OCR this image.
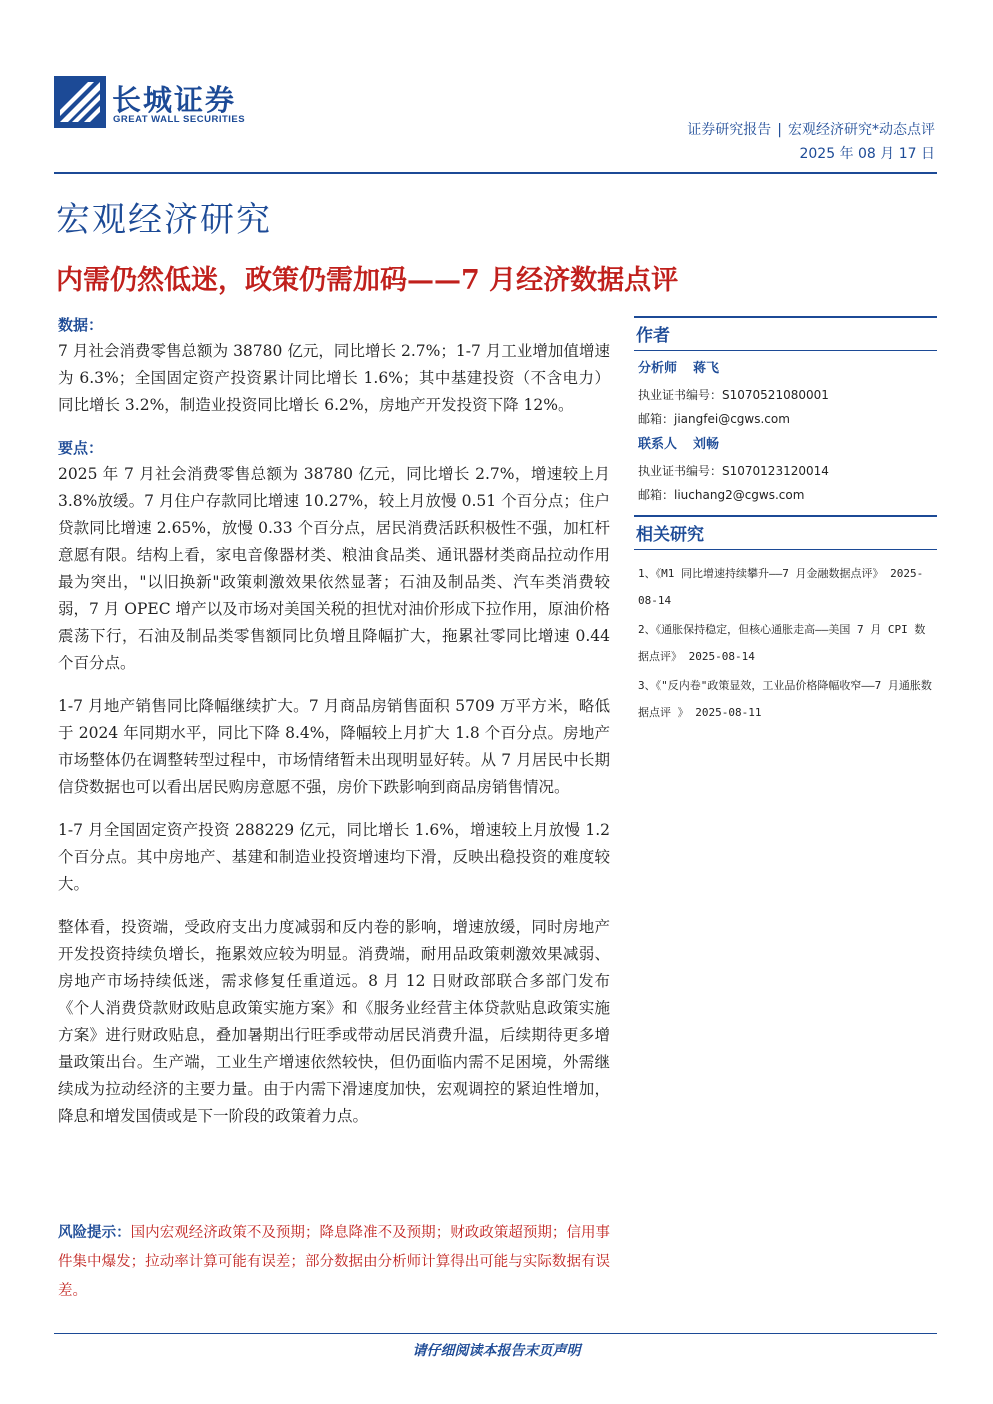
长城证券
GREAT WALL SECURITIES
证券研究报告 | 宏观经济研究*动态点评
2025 年 08 月 17 日
宏观经济研究
内需仍然低迷，政策仍需加码——7 月经济数据点评

数据：

7 月社会消费零售总额为 38780 亿元，同比增长 2.7%；1-7 月工业增加值增速为 6.3%；全国固定资产投资累计同比增长 1.6%；其中基建投资（不含电力）同比增长 3.2%，制造业投资同比增长 6.2%，房地产开发投资下降 12%。

要点：

2025 年 7 月社会消费零售总额为 38780 亿元，同比增长 2.7%，增速较上月 3.8%放缓。7 月住户存款同比增速 10.27%，较上月放慢 0.51 个百分点；住户贷款同比增速 2.65%，放慢 0.33 个百分点，居民消费活跃积极性不强，加杠杆意愿有限。结构上看，家电音像器材类、粮油食品类、通讯器材类商品拉动作用最为突出，"以旧换新"政策刺激效果依然显著；石油及制品类、汽车类消费较弱，7 月 OPEC 增产以及市场对美国关税的担忧对油价形成下拉作用，原油价格震荡下行，石油及制品类零售额同比负增且降幅扩大，拖累社零同比增速 0.44 个百分点。

1-7 月地产销售同比降幅继续扩大。7 月商品房销售面积 5709 万平方米，略低于 2024 年同期水平，同比下降 8.4%，降幅较上月扩大 1.8 个百分点。房地产市场整体仍在调整转型过程中，市场情绪暂未出现明显好转。从 7 月居民中长期信贷数据也可以看出居民购房意愿不强，房价下跌影响到商品房销售情况。

1-7 月全国固定资产投资 288229 亿元，同比增长 1.6%，增速较上月放慢 1.2 个百分点。其中房地产、基建和制造业投资增速均下滑，反映出稳投资的难度较大。

整体看，投资端，受政府支出力度减弱和反内卷的影响，增速放缓，同时房地产开发投资持续负增长，拖累效应较为明显。消费端，耐用品政策刺激效果减弱、房地产市场持续低迷，需求修复任重道远。8 月 12 日财政部联合多部门发布《个人消费贷款财政贴息政策实施方案》和《服务业经营主体贷款贴息政策实施方案》进行财政贴息，叠加暑期出行旺季或带动居民消费升温，后续期待更多增量政策出台。生产端，工业生产增速依然较快，但仍面临内需不足困境，外需继续成为拉动经济的主要力量。由于内需下滑速度加快，宏观调控的紧迫性增加，降息和增发国债或是下一阶段的政策着力点。

风险提示：国内宏观经济政策不及预期；降息降准不及预期；财政政策超预期；信用事件集中爆发；拉动率计算可能有误差；部分数据由分析师计算得出可能与实际数据有误差。
作者
分析师 蒋飞
执业证书编号：S1070521080001
邮箱：jiangfei@cgws.com
联系人 刘畅
执业证书编号：S1070123120014
邮箱：liuchang2@cgws.com
相关研究
1、《M1 同比增速持续攀升——7 月金融数据点评》 2025-08-14
2、《通胀保持稳定，但核心通胀走高——美国 7 月 CPI 数据点评》 2025-08-14
3、《"反内卷"政策显效，工业品价格降幅收窄——7 月通胀数据点评 》 2025-08-11
请仔细阅读本报告末页声明
